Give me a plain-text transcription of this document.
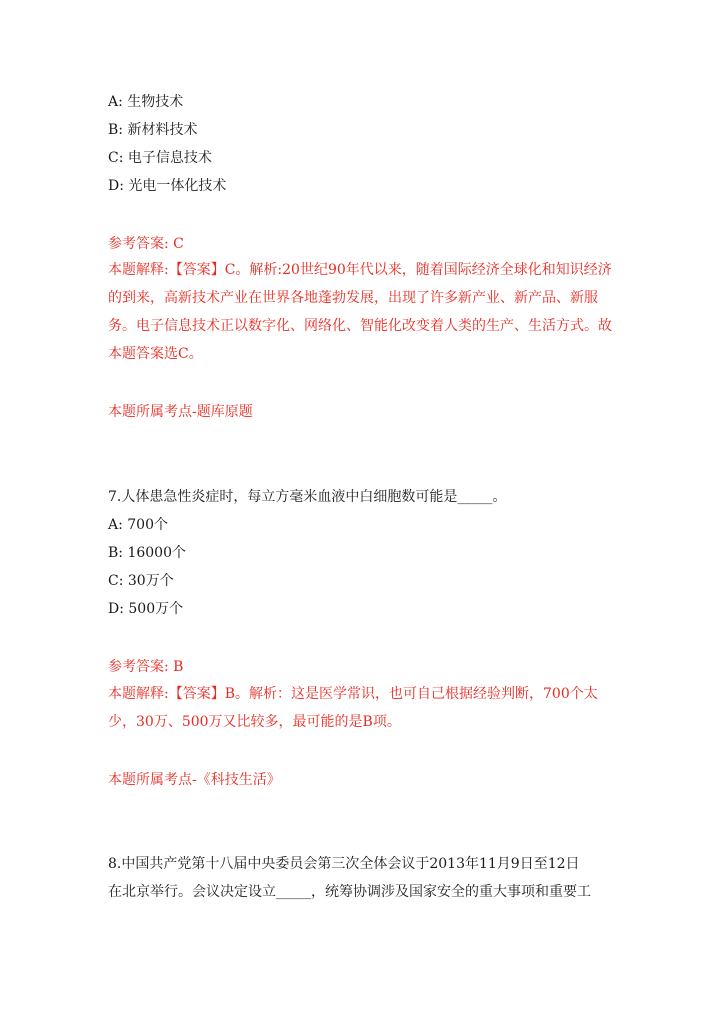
A: 生物技术
B: 新材料技术
C: 电子信息技术
D: 光电一体化技术
参考答案: C
本题解释:【答案】C。解析:20世纪90年代以来，随着国际经济全球化和知识经济的到来，高新技术产业在世界各地蓬勃发展，出现了许多新产业、新产品、新服务。电子信息技术正以数字化、网络化、智能化改变着人类的生产、生活方式。故本题答案选C。
本题所属考点-题库原题
7.人体患急性炎症时，每立方毫米血液中白细胞数可能是_____。
A: 700个
B: 16000个
C: 30万个
D: 500万个
参考答案: B
本题解释:【答案】B。解析：这是医学常识，也可自己根据经验判断，700个太少，30万、500万又比较多，最可能的是B项。
本题所属考点-《科技生活》
8.中国共产党第十八届中央委员会第三次全体会议于2013年11月9日至12日
在北京举行。会议决定设立_____，统筹协调涉及国家安全的重大事项和重要工
